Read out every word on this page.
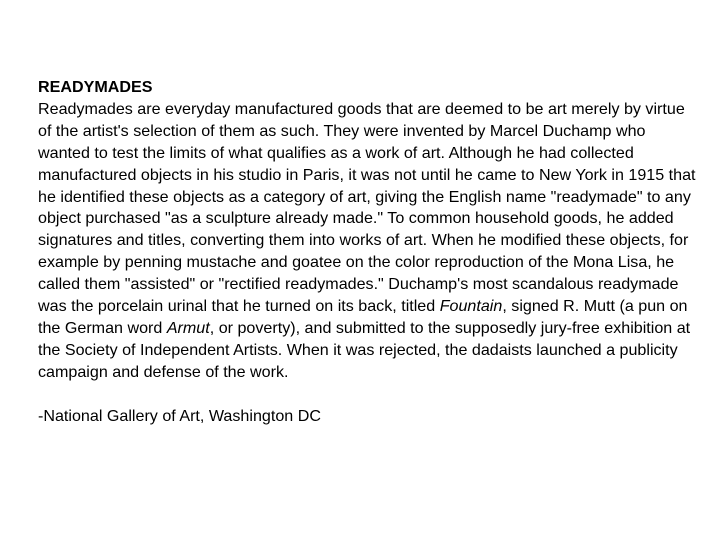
READYMADES

Readymades are everyday manufactured goods that are deemed to be art merely by virtue of the artist's selection of them as such. They were invented by Marcel Duchamp who wanted to test the limits of what qualifies as a work of art. Although he had collected manufactured objects in his studio in Paris, it was not until he came to New York in 1915 that he identified these objects as a category of art, giving the English name "readymade" to any object purchased "as a sculpture already made." To common household goods, he added signatures and titles, converting them into works of art. When he modified these objects, for example by penning mustache and goatee on the color reproduction of the Mona Lisa, he called them "assisted" or "rectified readymades." Duchamp's most scandalous readymade was the porcelain urinal that he turned on its back, titled Fountain, signed R. Mutt (a pun on the German word Armut, or poverty), and submitted to the supposedly jury-free exhibition at the Society of Independent Artists. When it was rejected, the dadaists launched a publicity campaign and defense of the work.

-National Gallery of Art, Washington DC
